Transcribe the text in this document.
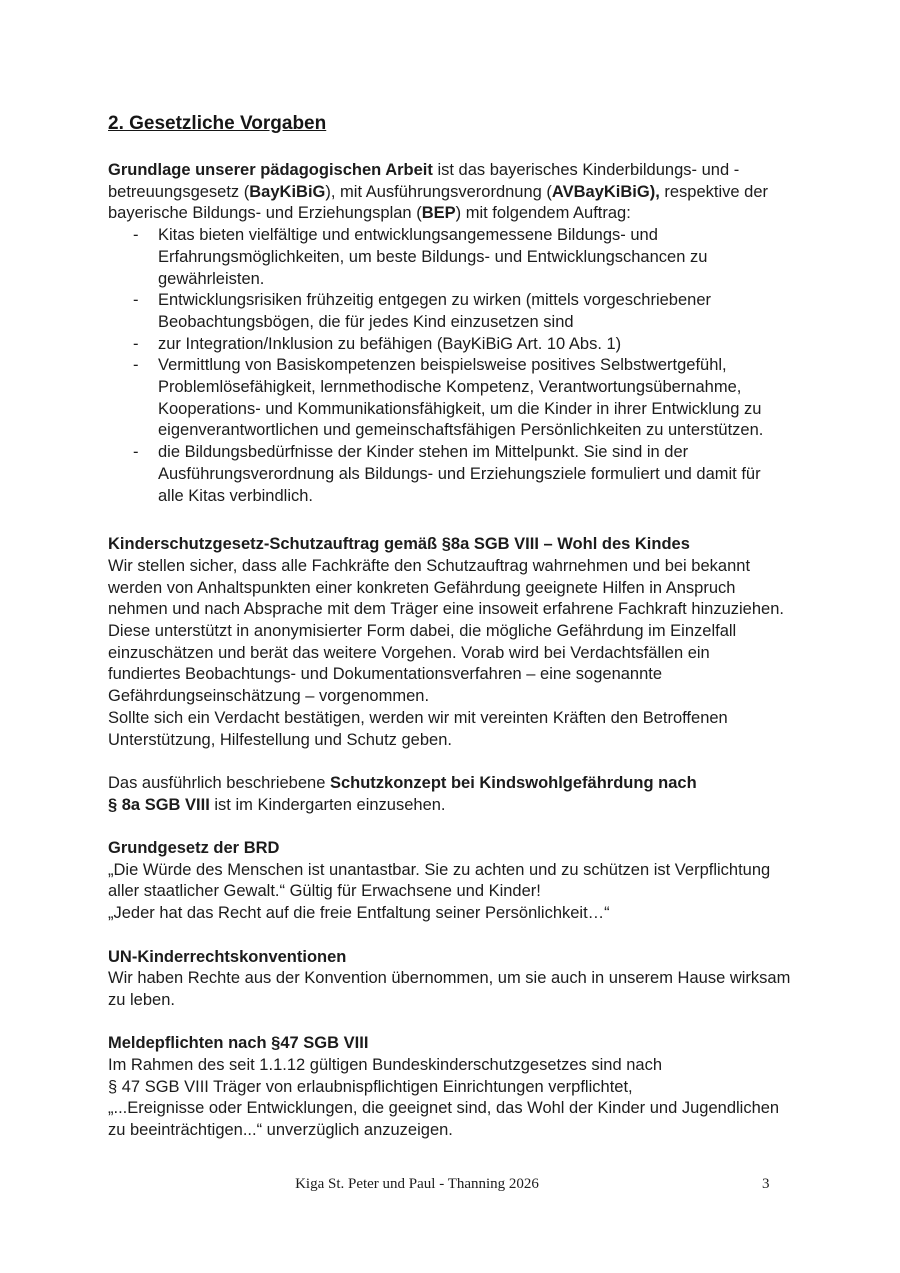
2. Gesetzliche Vorgaben
Grundlage unserer pädagogischen Arbeit ist das bayerisches Kinderbildungs- und -
betreuungsgesetz (BayKiBiG), mit Ausführungsverordnung (AVBayKiBiG), respektive der
bayerische Bildungs- und Erziehungsplan (BEP) mit folgendem Auftrag:
-	Kitas bieten vielfältige und entwicklungsangemessene Bildungs- und
Erfahrungsmöglichkeiten, um beste Bildungs- und Entwicklungschancen zu
gewährleisten.
-	Entwicklungsrisiken frühzeitig entgegen zu wirken (mittels vorgeschriebener
Beobachtungsbögen, die für jedes Kind einzusetzen sind
-	zur Integration/Inklusion zu befähigen (BayKiBiG Art. 10 Abs. 1)
-	Vermittlung von Basiskompetenzen beispielsweise positives Selbstwertgefühl,
Problemlösefähigkeit, lernmethodische Kompetenz, Verantwortungsübernahme,
Kooperations- und Kommunikationsfähigkeit, um die Kinder in ihrer Entwicklung zu
eigenverantwortlichen und gemeinschaftsfähigen Persönlichkeiten zu unterstützen.
-	die Bildungsbedürfnisse der Kinder stehen im Mittelpunkt. Sie sind in der
Ausführungsverordnung als Bildungs- und Erziehungsziele formuliert und damit für
alle Kitas verbindlich.
Kinderschutzgesetz-Schutzauftrag gemäß §8a SGB VIII – Wohl des Kindes
Wir stellen sicher, dass alle Fachkräfte den Schutzauftrag wahrnehmen und bei bekannt
werden von Anhaltspunkten einer konkreten Gefährdung geeignete Hilfen in Anspruch
nehmen und nach Absprache mit dem Träger eine insoweit erfahrene Fachkraft hinzuziehen.
Diese unterstützt in anonymisierter Form dabei, die mögliche Gefährdung im Einzelfall
einzuschätzen und berät das weitere Vorgehen. Vorab wird bei Verdachtsfällen ein
fundiertes Beobachtungs- und Dokumentationsverfahren – eine sogenannte
Gefährdungseinschätzung – vorgenommen.
Sollte sich ein Verdacht bestätigen, werden wir mit vereinten Kräften den Betroffenen
Unterstützung, Hilfestellung und Schutz geben.
Das ausführlich beschriebene Schutzkonzept bei Kindswohlgefährdung nach
§ 8a SGB VIII ist im Kindergarten einzusehen.
Grundgesetz der BRD
„Die Würde des Menschen ist unantastbar. Sie zu achten und zu schützen ist Verpflichtung
aller staatlicher Gewalt.“ Gültig für Erwachsene und Kinder!
„Jeder hat das Recht auf die freie Entfaltung seiner Persönlichkeit…“
UN-Kinderrechtskonventionen
Wir haben Rechte aus der Konvention übernommen, um sie auch in unserem Hause wirksam
zu leben.
Meldepflichten nach §47 SGB VIII
Im Rahmen des seit 1.1.12 gültigen Bundeskinderschutzgesetzes sind nach
§ 47 SGB VIII Träger von erlaubnispflichtigen Einrichtungen verpflichtet,
„...Ereignisse oder Entwicklungen, die geeignet sind, das Wohl der Kinder und Jugendlichen
zu beeinträchtigen...“ unverzüglich anzuzeigen.
Kiga St. Peter und Paul - Thanning 2026	3
